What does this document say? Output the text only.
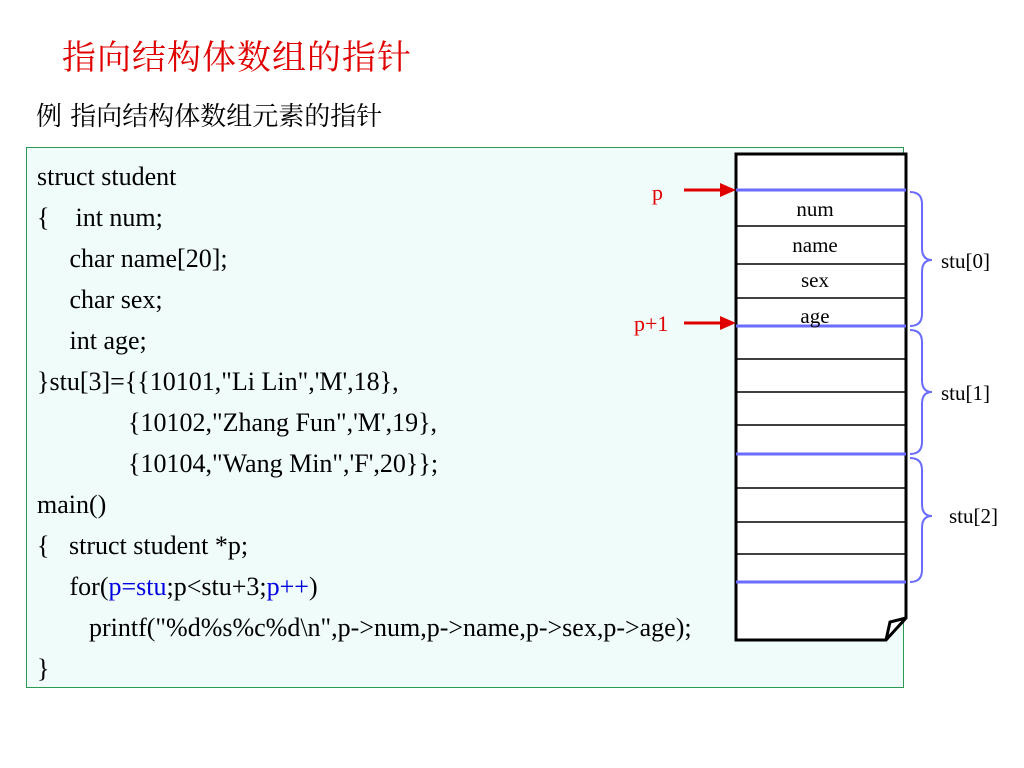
指向结构体数组的指针
例 指向结构体数组元素的指针
struct student
{    int num;
char name[20];
char sex;
int age;
}stu[3]={{10101,"Li Lin",'M',18},
{10102,"Zhang Fun",'M',19},
{10104,"Wang Min",'F',20}};
main()
{   struct student *p;
for(p=stu;p<stu+3;p++)
printf("%d%s%c%d\n",p->num,p->name,p->sex,p->age);
}
num
name
sex
age
p
p+1
stu[0]
stu[1]
stu[2]
